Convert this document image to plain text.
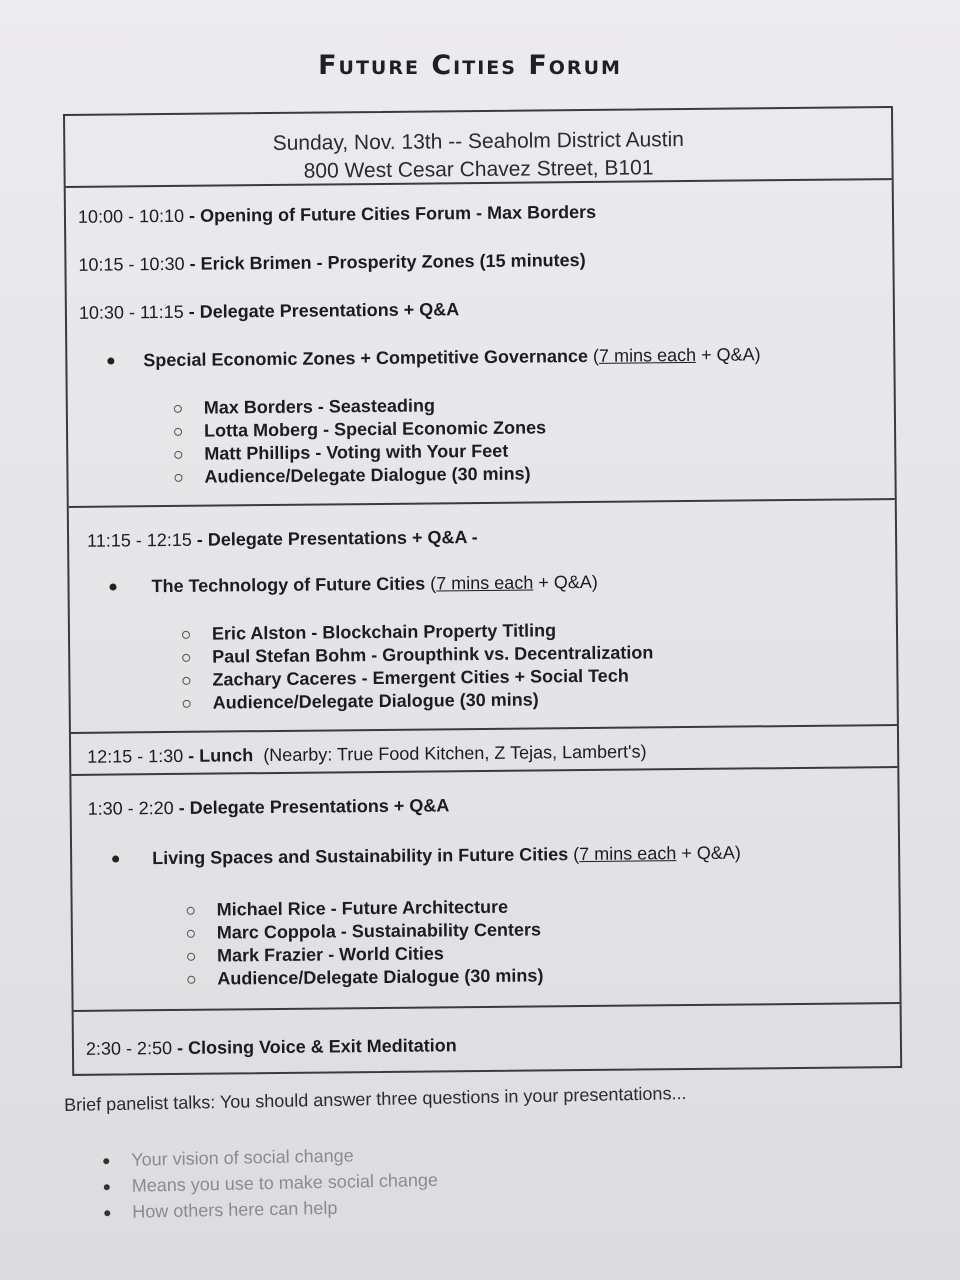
Future Cities Forum
Sunday, Nov. 13th -- Seaholm District Austin
800 West Cesar Chavez Street, B101
10:00 - 10:10 - Opening of Future Cities Forum - Max Borders
10:15 - 10:30 - Erick Brimen - Prosperity Zones (15 minutes)
10:30 - 11:15 - Delegate Presentations + Q&A
Special Economic Zones + Competitive Governance (7 mins each + Q&A)
Max Borders - Seasteading
Lotta Moberg - Special Economic Zones
Matt Phillips - Voting with Your Feet
Audience/Delegate Dialogue (30 mins)
11:15 - 12:15 - Delegate Presentations + Q&A -
The Technology of Future Cities (7 mins each + Q&A)
Eric Alston - Blockchain Property Titling
Paul Stefan Bohm - Groupthink vs. Decentralization
Zachary Caceres - Emergent Cities + Social Tech
Audience/Delegate Dialogue (30 mins)
12:15 - 1:30 - Lunch (Nearby: True Food Kitchen, Z Tejas, Lambert's)
1:30 - 2:20 - Delegate Presentations + Q&A
Living Spaces and Sustainability in Future Cities (7 mins each + Q&A)
Michael Rice - Future Architecture
Marc Coppola - Sustainability Centers
Mark Frazier - World Cities
Audience/Delegate Dialogue (30 mins)
2:30 - 2:50 - Closing Voice & Exit Meditation
Brief panelist talks: You should answer three questions in your presentations...
Your vision of social change
Means you use to make social change
How others here can help
